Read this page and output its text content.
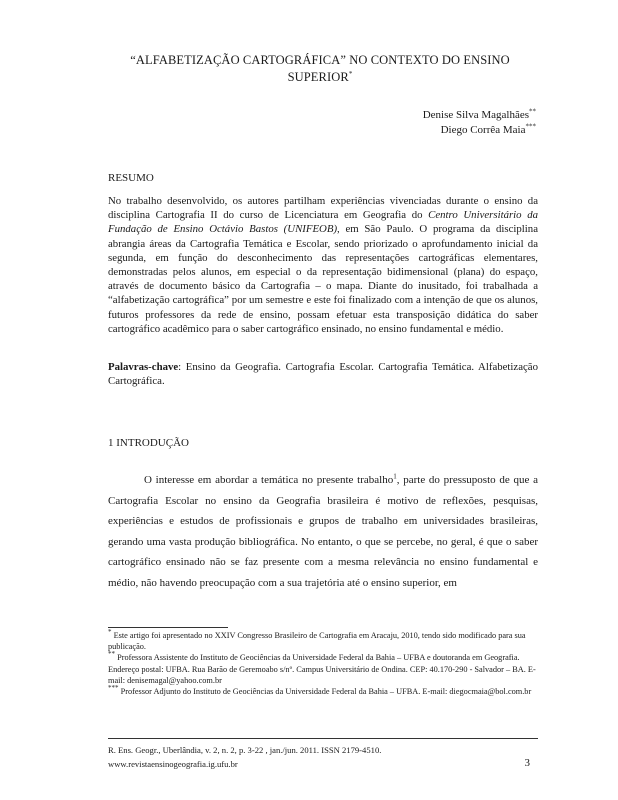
“ALFABETIZAÇÃO CARTOGRÁFICA” NO CONTEXTO DO ENSINO
SUPERIOR*
Denise Silva Magalhães**
Diego Corrêa Maia***
RESUMO
No trabalho desenvolvido, os autores partilham experiências vivenciadas durante o ensino da disciplina Cartografia II do curso de Licenciatura em Geografia do Centro Universitário da Fundação de Ensino Octávio Bastos (UNIFEOB), em São Paulo. O programa da disciplina abrangia áreas da Cartografia Temática e Escolar, sendo priorizado o aprofundamento inicial da segunda, em função do desconhecimento das representações cartográficas elementares, demonstradas pelos alunos, em especial o da representação bidimensional (plana) do espaço, através de documento básico da Cartografia – o mapa. Diante do inusitado, foi trabalhada a “alfabetização cartográfica” por um semestre e este foi finalizado com a intenção de que os alunos, futuros professores da rede de ensino, possam efetuar esta transposição didática do saber cartográfico acadêmico para o saber cartográfico ensinado, no ensino fundamental e médio.
Palavras-chave: Ensino da Geografia. Cartografia Escolar. Cartografia Temática. Alfabetização Cartográfica.
1 INTRODUÇÃO

O interesse em abordar a temática no presente trabalho$^1$, parte do pressuposto de que a Cartografia Escolar no ensino da Geografia brasileira é motivo de reflexões, pesquisas, experiências e estudos de profissionais e grupos de trabalho em universidades brasileiras, gerando uma vasta produção bibliográfica. No entanto, o que se percebe, no geral, é que o saber cartográfico ensinado não se faz presente com a mesma relevância no ensino fundamental e médio, não havendo preocupação com a sua trajetória até o ensino superior, em

* Este artigo foi apresentado no XXIV Congresso Brasileiro de Cartografia em Aracaju, 2010, tendo sido modificado para sua publicação.

** Professora Assistente do Instituto de Geociências da Universidade Federal da Bahia – UFBA e doutoranda em Geografia. Endereço postal: UFBA. Rua Barão de Geremoabo s/nº. Campus Universitário de Ondina. CEP: 40.170-290 - Salvador – BA. E-mail: denisemagal@yahoo.com.br

*** Professor Adjunto do Instituto de Geociências da Universidade Federal da Bahia – UFBA. E-mail: diegocmaia@bol.com.br

R. Ens. Geogr., Uberlândia, v. 2, n. 2, p. 3-22 , jan./jun. 2011. ISSN 2179-4510.
www.revistaensinogeografia.ig.ufu.br	3
